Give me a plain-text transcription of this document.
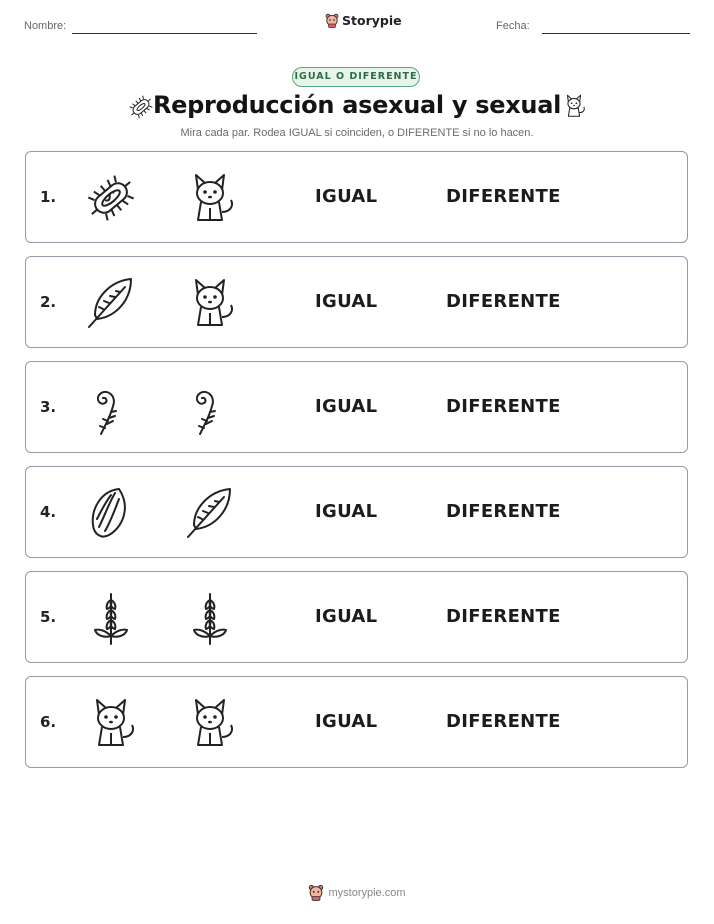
Nombre:	Storypie	Fecha:
IGUAL O DIFERENTE
Reproducción asexual y sexual
Mira cada par. Rodea IGUAL si coinciden, o DIFERENTE si no lo hacen.
1.	IGUAL	DIFERENTE
2.	IGUAL	DIFERENTE
3.	IGUAL	DIFERENTE
4.	IGUAL	DIFERENTE
5.	IGUAL	DIFERENTE
6.	IGUAL	DIFERENTE
mystorypie.com
